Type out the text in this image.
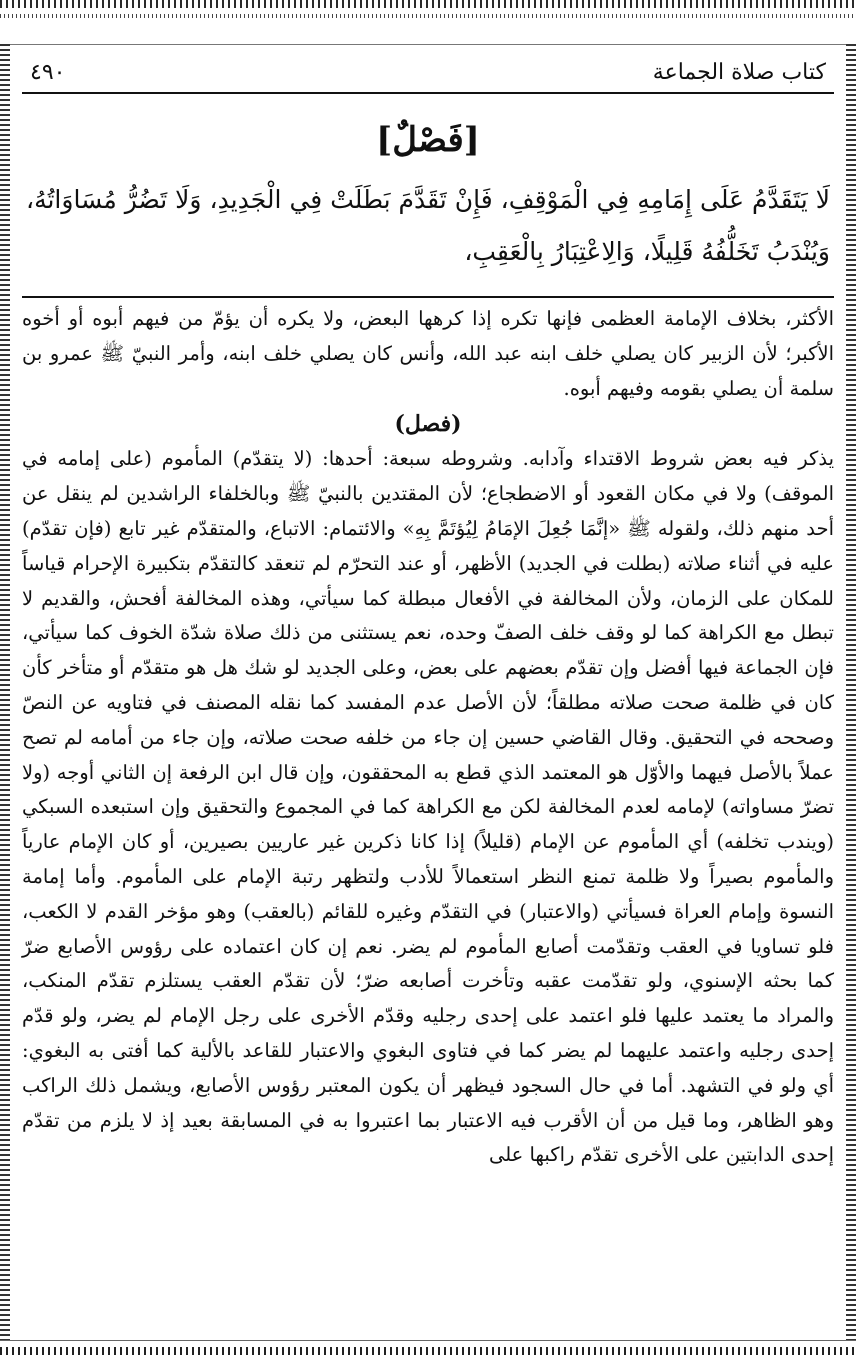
كتاب صلاة الجماعة
٤٩٠
[فَصْلٌ]
لَا يَتَقَدَّمُ عَلَى إِمَامِهِ فِي الْمَوْقِفِ، فَإِنْ تَقَدَّمَ بَطَلَتْ فِي الْجَدِيدِ، وَلَا تَضُرُّ مُسَاوَاتُهُ، وَيُنْدَبُ تَخَلُّفُهُ قَلِيلًا، وَالِاعْتِبَارُ بِالْعَقِبِ،

الأكثر، بخلاف الإمامة العظمى فإنها تكره إذا كرهها البعض، ولا يكره أن يؤمّ من فيهم أبوه أو أخوه الأكبر؛ لأن الزبير كان يصلي خلف ابنه عبد الله، وأنس كان يصلي خلف ابنه، وأمر النبيّ ﷺ عمرو بن سلمة أن يصلي بقومه وفيهم أبوه.

(فصل)

يذكر فيه بعض شروط الاقتداء وآدابه. وشروطه سبعة: أحدها: (لا يتقدّم) المأموم (على إمامه في الموقف) ولا في مكان القعود أو الاضطجاع؛ لأن المقتدين بالنبيّ ﷺ وبالخلفاء الراشدين لم ينقل عن أحد منهم ذلك، ولقوله ﷺ «إنَّمَا جُعِلَ الإمَامُ لِيُؤتَمَّ بِهِ» والائتمام: الاتباع، والمتقدّم غير تابع (فإن تقدّم) عليه في أثناء صلاته (بطلت في الجديد) الأظهر، أو عند التحرّم لم تنعقد كالتقدّم بتكبيرة الإحرام قياساً للمكان على الزمان، ولأن المخالفة في الأفعال مبطلة كما سيأتي، وهذه المخالفة أفحش، والقديم لا تبطل مع الكراهة كما لو وقف خلف الصفّ وحده، نعم يستثنى من ذلك صلاة شدّة الخوف كما سيأتي، فإن الجماعة فيها أفضل وإن تقدّم بعضهم على بعض، وعلى الجديد لو شك هل هو متقدّم أو متأخر كأن كان في ظلمة صحت صلاته مطلقاً؛ لأن الأصل عدم المفسد كما نقله المصنف في فتاويه عن النصّ وصححه في التحقيق. وقال القاضي حسين إن جاء من خلفه صحت صلاته، وإن جاء من أمامه لم تصح عملاً بالأصل فيهما والأوّل هو المعتمد الذي قطع به المحققون، وإن قال ابن الرفعة إن الثاني أوجه (ولا تضرّ مساواته) لإمامه لعدم المخالفة لكن مع الكراهة كما في المجموع والتحقيق وإن استبعده السبكي (ويندب تخلفه) أي المأموم عن الإمام (قليلاً) إذا كانا ذكرين غير عاريين بصيرين، أو كان الإمام عارياً والمأموم بصيراً ولا ظلمة تمنع النظر استعمالاً للأدب ولتظهر رتبة الإمام على المأموم. وأما إمامة النسوة وإمام العراة فسيأتي (والاعتبار) في التقدّم وغيره للقائم (بالعقب) وهو مؤخر القدم لا الكعب، فلو تساويا في العقب وتقدّمت أصابع المأموم لم يضر. نعم إن كان اعتماده على رؤوس الأصابع ضرّ كما بحثه الإسنوي، ولو تقدّمت عقبه وتأخرت أصابعه ضرّ؛ لأن تقدّم العقب يستلزم تقدّم المنكب، والمراد ما يعتمد عليها فلو اعتمد على إحدى رجليه وقدّم الأخرى على رجل الإمام لم يضر، ولو قدّم إحدى رجليه واعتمد عليهما لم يضر كما في فتاوى البغوي والاعتبار للقاعد بالألية كما أفتى به البغوي: أي ولو في التشهد. أما في حال السجود فيظهر أن يكون المعتبر رؤوس الأصابع، ويشمل ذلك الراكب وهو الظاهر، وما قيل من أن الأقرب فيه الاعتبار بما اعتبروا به في المسابقة بعيد إذ لا يلزم من تقدّم إحدى الدابتين على الأخرى تقدّم راكبها على
